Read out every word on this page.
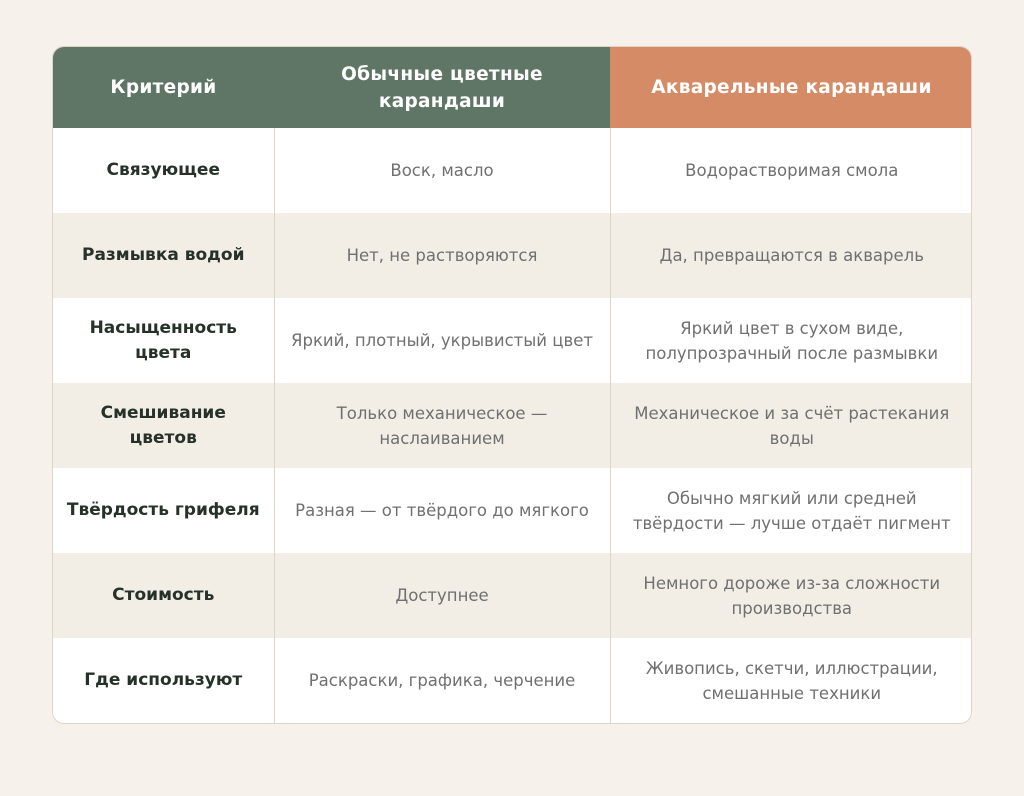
Критерий	Обычные цветные карандаши	Акварельные карандаши
Связующее	Воск, масло	Водорастворимая смола
Размывка водой	Нет, не растворяются	Да, превращаются в акварель
Насыщенность цвета	Яркий, плотный, укрывистый цвет	Яркий цвет в сухом виде, полупрозрачный после размывки
Смешивание цветов	Только механическое — наслаиванием	Механическое и за счёт растекания воды
Твёрдость грифеля	Разная — от твёрдого до мягкого	Обычно мягкий или средней твёрдости — лучше отдаёт пигмент
Стоимость	Доступнее	Немного дороже из-за сложности производства
Где используют	Раскраски, графика, черчение	Живопись, скетчи, иллюстрации, смешанные техники
